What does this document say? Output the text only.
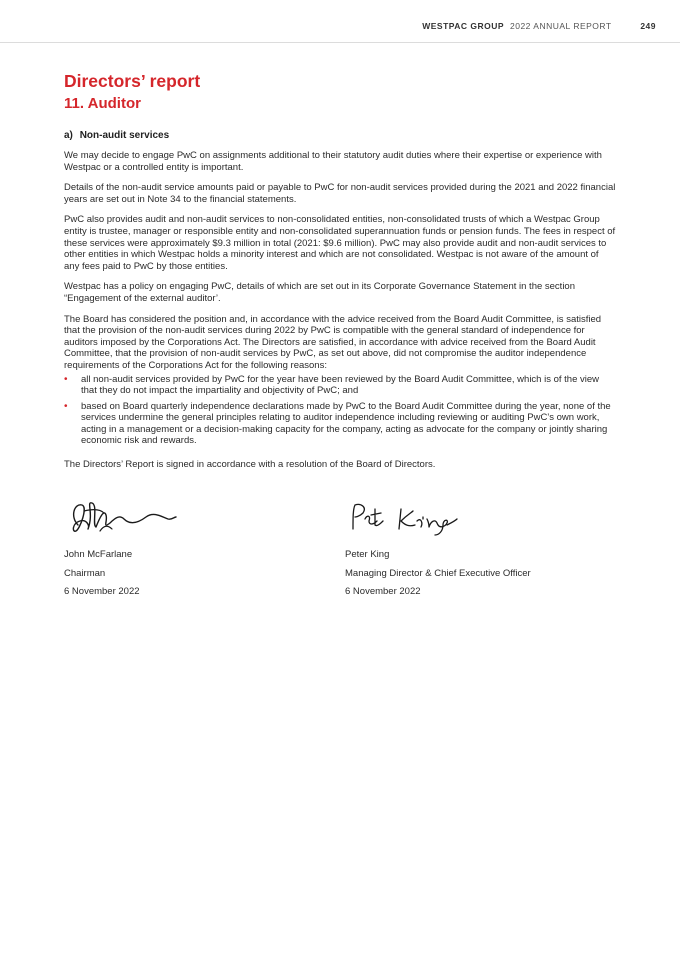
WESTPAC GROUP 2022 ANNUAL REPORT	249
Directors’ report
11. Auditor
a) Non-audit services

We may decide to engage PwC on assignments additional to their statutory audit duties where their expertise or experience with Westpac or a controlled entity is important.

Details of the non-audit service amounts paid or payable to PwC for non-audit services provided during the 2021 and 2022 financial years are set out in Note 34 to the financial statements.

PwC also provides audit and non-audit services to non-consolidated entities, non-consolidated trusts of which a Westpac Group entity is trustee, manager or responsible entity and non-consolidated superannuation funds or pension funds. The fees in respect of these services were approximately $9.3 million in total (2021: $9.6 million). PwC may also provide audit and non-audit services to other entities in which Westpac holds a minority interest and which are not consolidated. Westpac is not aware of the amount of any fees paid to PwC by those entities.

Westpac has a policy on engaging PwC, details of which are set out in its Corporate Governance Statement in the section “Engagement of the external auditor’.

The Board has considered the position and, in accordance with the advice received from the Board Audit Committee, is satisfied that the provision of the non-audit services during 2022 by PwC is compatible with the general standard of independence for auditors imposed by the Corporations Act. The Directors are satisfied, in accordance with advice received from the Board Audit Committee, that the provision of non-audit services by PwC, as set out above, did not compromise the auditor independence requirements of the Corporations Act for the following reasons:

• all non-audit services provided by PwC for the year have been reviewed by the Board Audit Committee, which is of the view that they do not impact the impartiality and objectivity of PwC; and
• based on Board quarterly independence declarations made by PwC to the Board Audit Committee during the year, none of the services undermine the general principles relating to auditor independence including reviewing or auditing PwC’s own work, acting in a management or a decision-making capacity for the company, acting as advocate for the company or jointly sharing economic risk and rewards.

The Directors’ Report is signed in accordance with a resolution of the Board of Directors.

John McFarlane
Chairman
6 November 2022
Peter King
Managing Director & Chief Executive Officer
6 November 2022
